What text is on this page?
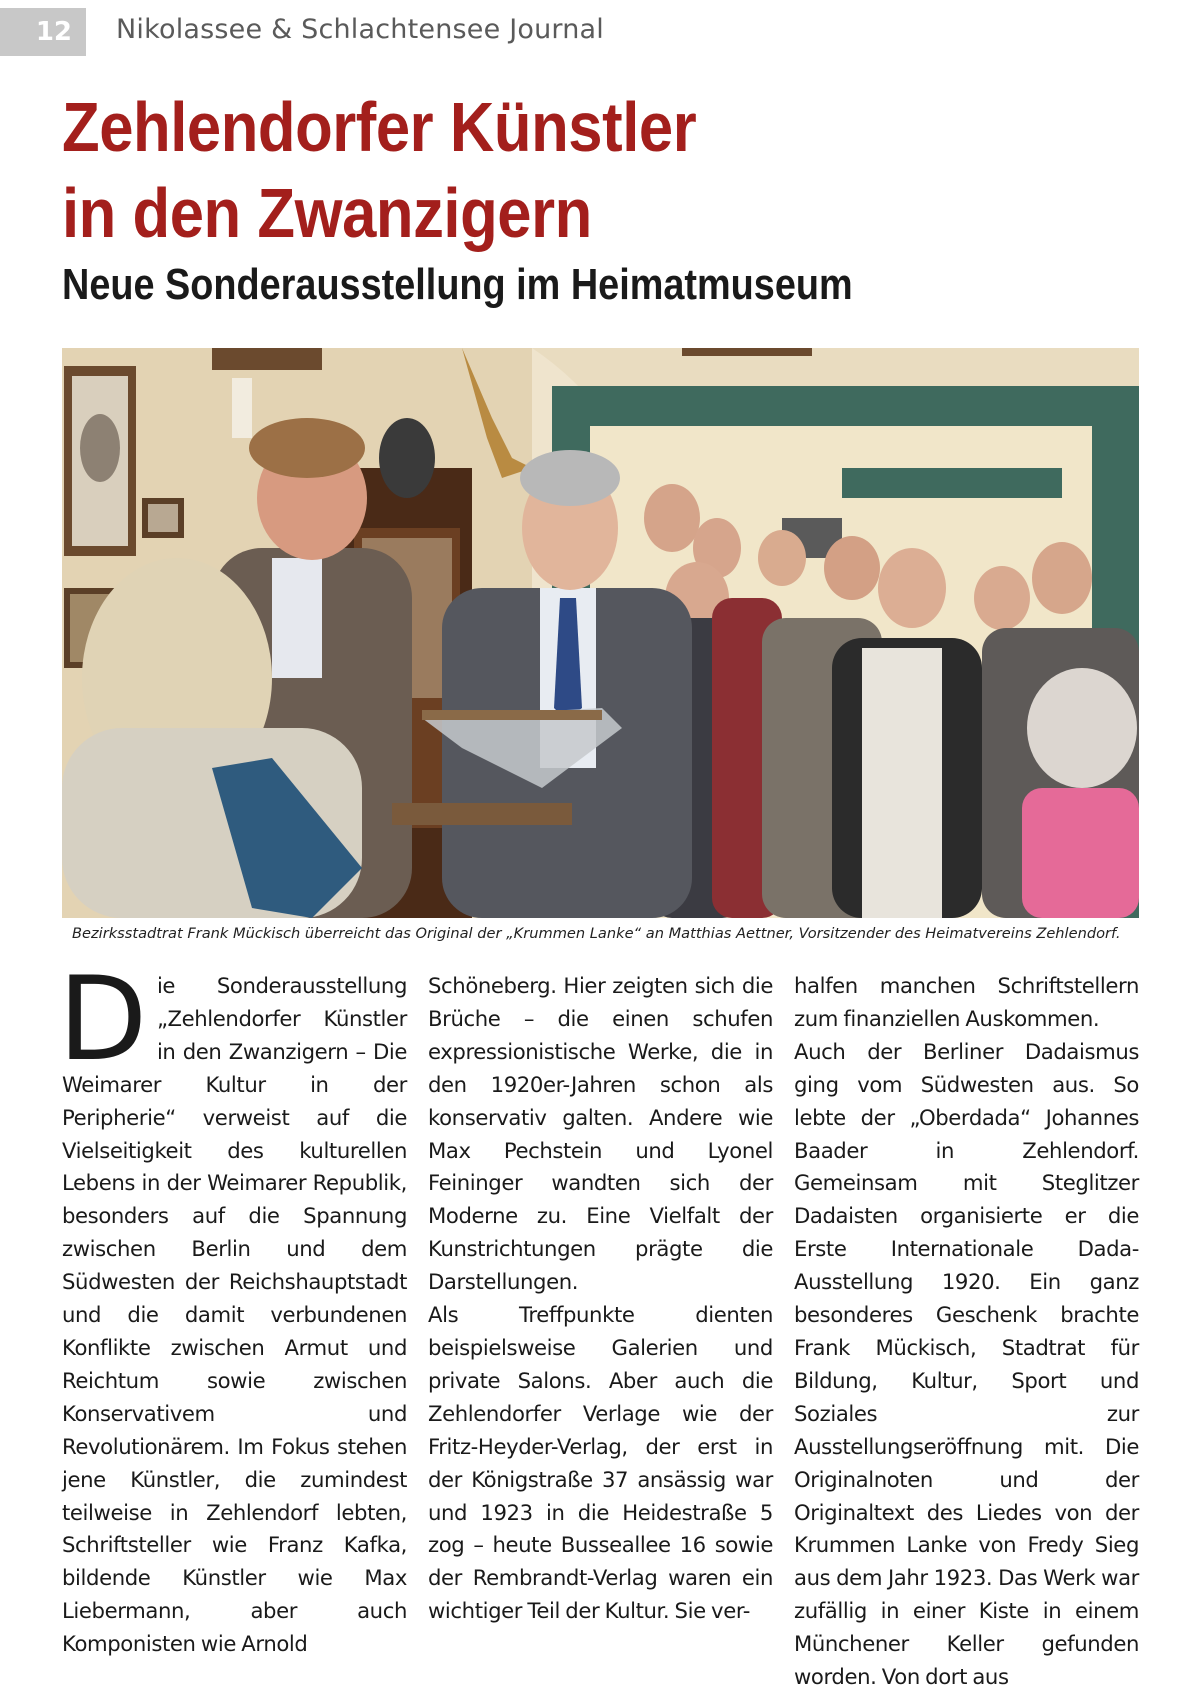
12	Nikolassee & Schlachtensee Journal
Zehlendorfer Künstler
in den Zwanzigern
Neue Sonderausstellung im Heimatmuseum
Bezirksstadtrat Frank Mückisch überreicht das Original der „Krummen Lanke“ an Matthias Aettner, Vorsitzender des Heimatvereins Zehlendorf.
D ie Sonderausstellung „Zehlendorfer Künstler in den Zwanzigern – Die Weimarer Kultur in der Peripherie“ verweist auf die Vielseitigkeit des kulturellen Lebens in der Weimarer Republik, besonders auf die Spannung zwischen Berlin und dem Südwesten der Reichshauptstadt und die damit verbundenen Konflikte zwischen Armut und Reichtum sowie zwischen Konservativem und Revolutionärem. Im Fokus stehen jene Künstler, die zumindest teilweise in Zehlendorf lebten, Schriftsteller wie Franz Kafka, bildende Künstler wie Max Liebermann, aber auch Komponisten wie Arnold

Schöneberg. Hier zeigten sich die Brüche – die einen schufen expressionistische Werke, die in den 1920er-Jahren schon als konservativ galten. Andere wie Max Pechstein und Lyonel Feininger wandten sich der Moderne zu. Eine Vielfalt der Kunstrichtungen prägte die Darstellungen.

Als Treffpunkte dienten beispielsweise Galerien und private Salons. Aber auch die Zehlendorfer Verlage wie der Fritz-Heyder-Verlag, der erst in der Königstraße 37 ansässig war und 1923 in die Heidestraße 5 zog – heute Busseallee 16 sowie der Rembrandt-Verlag waren ein wichtiger Teil der Kultur. Sie ver-

halfen manchen Schriftstellern zum finanziellen Auskommen.

Auch der Berliner Dadaismus ging vom Südwesten aus. So lebte der „Oberdada“ Johannes Baader in Zehlendorf. Gemeinsam mit Steglitzer Dadaisten organisierte er die Erste Internationale Dada-Ausstellung 1920. Ein ganz besonderes Geschenk brachte Frank Mückisch, Stadtrat für Bildung, Kultur, Sport und Soziales zur Ausstellungseröffnung mit. Die Originalnoten und der Originaltext des Liedes von der Krummen Lanke von Fredy Sieg aus dem Jahr 1923. Das Werk war zufällig in einer Kiste in einem Münchener Keller gefunden worden. Von dort aus
